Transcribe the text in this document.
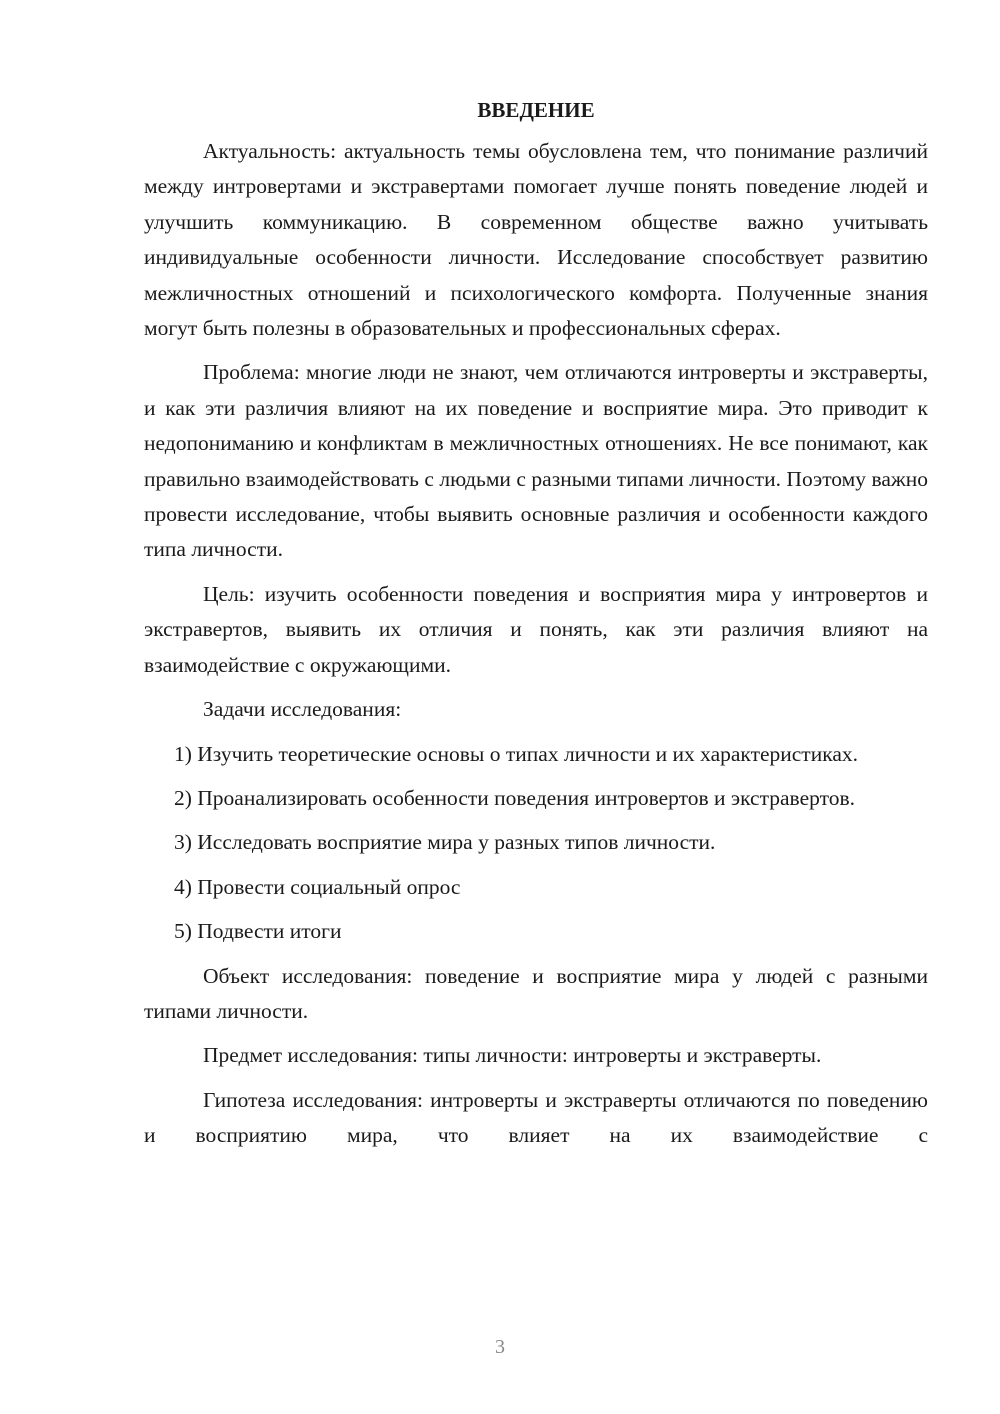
ВВЕДЕНИЕ

Актуальность: актуальность темы обусловлена тем, что понимание различий между интровертами и экстравертами помогает лучше понять поведение людей и улучшить коммуникацию. В современном обществе важно учитывать индивидуальные особенности личности. Исследование способствует развитию межличностных отношений и психологического комфорта. Полученные знания могут быть полезны в образовательных и профессиональных сферах.

Проблема: многие люди не знают, чем отличаются интроверты и экстраверты, и как эти различия влияют на их поведение и восприятие мира. Это приводит к недопониманию и конфликтам в межличностных отношениях. Не все понимают, как правильно взаимодействовать с людьми с разными типами личности. Поэтому важно провести исследование, чтобы выявить основные различия и особенности каждого типа личности.

Цель: изучить особенности поведения и восприятия мира у интровертов и экстравертов, выявить их отличия и понять, как эти различия влияют на взаимодействие с окружающими.

Задачи исследования:

1) Изучить теоретические основы о типах личности и их характеристиках.

2) Проанализировать особенности поведения интровертов и экстравертов.

3) Исследовать восприятие мира у разных типов личности.

4) Провести социальный опрос

5) Подвести итоги

Объект исследования: поведение и восприятие мира у людей с разными типами личности.

Предмет исследования: типы личности: интроверты и экстраверты.

Гипотеза исследования: интроверты и экстраверты отличаются по поведению и восприятию мира, что влияет на их взаимодействие с

3
